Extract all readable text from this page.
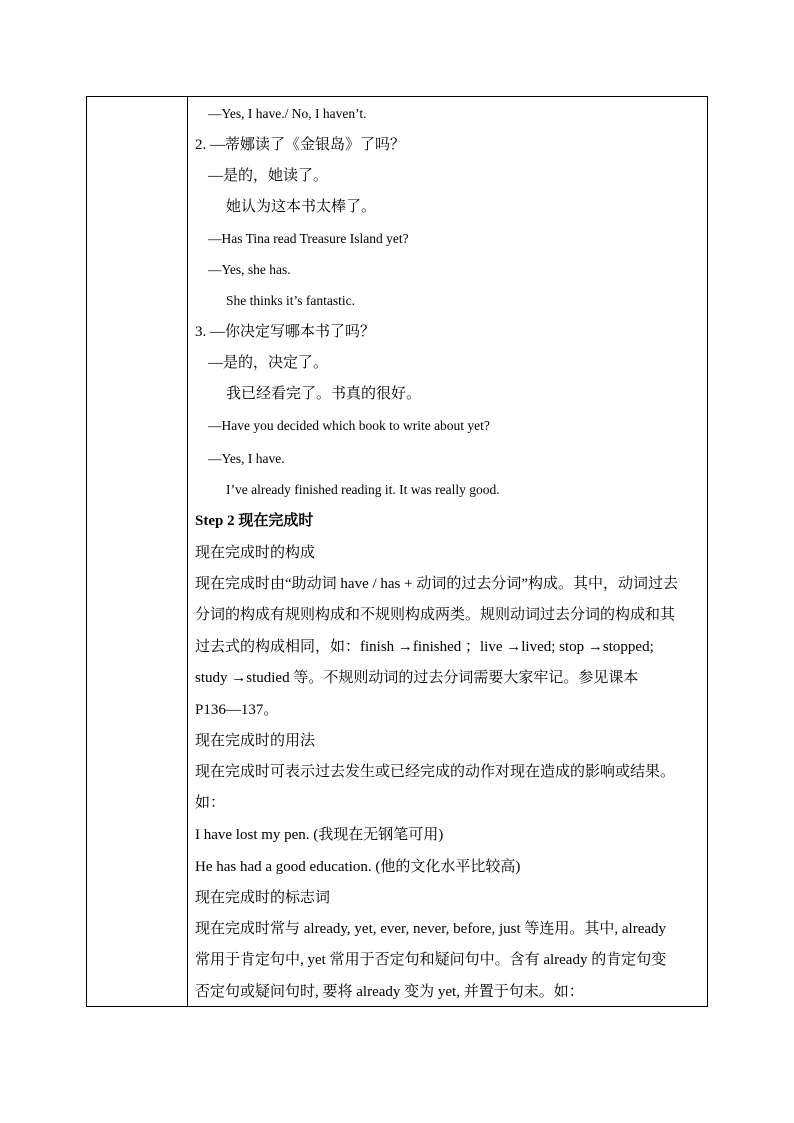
—Yes, I have./ No, I haven’t.
2. —蒂娜读了《金银岛》了吗？
—是的，她读了。
她认为这本书太棒了。
—Has Tina read Treasure Island yet?
—Yes, she has.
She thinks it’s fantastic.
3. —你决定写哪本书了吗？
—是的，决定了。
我已经看完了。书真的很好。
—Have you decided which book to write about yet?
—Yes, I have.
I’ve already finished reading it. It was really good.
Step 2 现在完成时
现在完成时的构成
现在完成时由“助动词 have / has + 动词的过去分词”构成。其中，动词过去
分词的构成有规则构成和不规则构成两类。规则动词过去分词的构成和其
过去式的构成相同，如：finish →finished ；live →lived; stop →stopped;
study →studied 等。不规则动词的过去分词需要大家牢记。参见课本
P136—137。
现在完成时的用法
现在完成时可表示过去发生或已经完成的动作对现在造成的影响或结果。
如：
I have lost my pen. (我现在无钢笔可用)
He has had a good education. (他的文化水平比较高)
现在完成时的标志词
现在完成时常与 already, yet, ever, never, before, just 等连用。其中, already
常用于肯定句中, yet 常用于否定句和疑问句中。含有 already 的肯定句变
否定句或疑问句时, 要将 already 变为 yet, 并置于句末。如：
